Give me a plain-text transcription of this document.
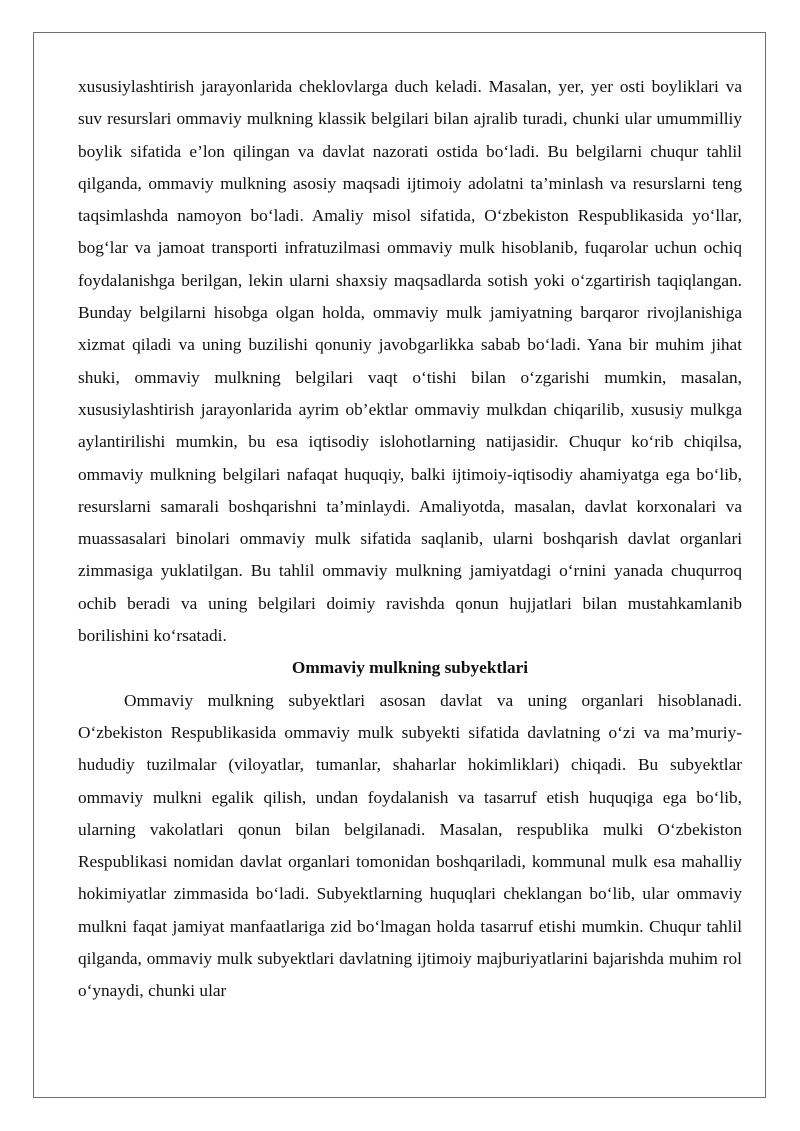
xususiylashtirish jarayonlarida cheklovlarga duch keladi. Masalan, yer, yer osti boyliklari va suv resurslari ommaviy mulkning klassik belgilari bilan ajralib turadi, chunki ular umummilliy boylik sifatida e’lon qilingan va davlat nazorati ostida bo‘ladi. Bu belgilarni chuqur tahlil qilganda, ommaviy mulkning asosiy maqsadi ijtimoiy adolatni ta’minlash va resurslarni teng taqsimlashda namoyon bo‘ladi. Amaliy misol sifatida, O‘zbekiston Respublikasida yo‘llar, bog‘lar va jamoat transporti infratuzilmasi ommaviy mulk hisoblanib, fuqarolar uchun ochiq foydalanishga berilgan, lekin ularni shaxsiy maqsadlarda sotish yoki o‘zgartirish taqiqlangan. Bunday belgilarni hisobga olgan holda, ommaviy mulk jamiyatning barqaror rivojlanishiga xizmat qiladi va uning buzilishi qonuniy javobgarlikka sabab bo‘ladi. Yana bir muhim jihat shuki, ommaviy mulkning belgilari vaqt o‘tishi bilan o‘zgarishi mumkin, masalan, xususiylashtirish jarayonlarida ayrim ob’ektlar ommaviy mulkdan chiqarilib, xususiy mulkga aylantirilishi mumkin, bu esa iqtisodiy islohotlarning natijasidir. Chuqur ko‘rib chiqilsa, ommaviy mulkning belgilari nafaqat huquqiy, balki ijtimoiy-iqtisodiy ahamiyatga ega bo‘lib, resurslarni samarali boshqarishni ta’minlaydi. Amaliyotda, masalan, davlat korxonalari va muassasalari binolari ommaviy mulk sifatida saqlanib, ularni boshqarish davlat organlari zimmasiga yuklatilgan. Bu tahlil ommaviy mulkning jamiyatdagi o‘rnini yanada chuqurroq ochib beradi va uning belgilari doimiy ravishda qonun hujjatlari bilan mustahkamlanib borilishini ko‘rsatadi.

Ommaviy mulkning subyektlari

Ommaviy mulkning subyektlari asosan davlat va uning organlari hisoblanadi. O‘zbekiston Respublikasida ommaviy mulk subyekti sifatida davlatning o‘zi va ma’muriy-hududiy tuzilmalar (viloyatlar, tumanlar, shaharlar hokimliklari) chiqadi. Bu subyektlar ommaviy mulkni egalik qilish, undan foydalanish va tasarruf etish huquqiga ega bo‘lib, ularning vakolatlari qonun bilan belgilanadi. Masalan, respublika mulki O‘zbekiston Respublikasi nomidan davlat organlari tomonidan boshqariladi, kommunal mulk esa mahalliy hokimiyatlar zimmasida bo‘ladi. Subyektlarning huquqlari cheklangan bo‘lib, ular ommaviy mulkni faqat jamiyat manfaatlariga zid bo‘lmagan holda tasarruf etishi mumkin. Chuqur tahlil qilganda, ommaviy mulk subyektlari davlatning ijtimoiy majburiyatlarini bajarishda muhim rol o‘ynaydi, chunki ular
